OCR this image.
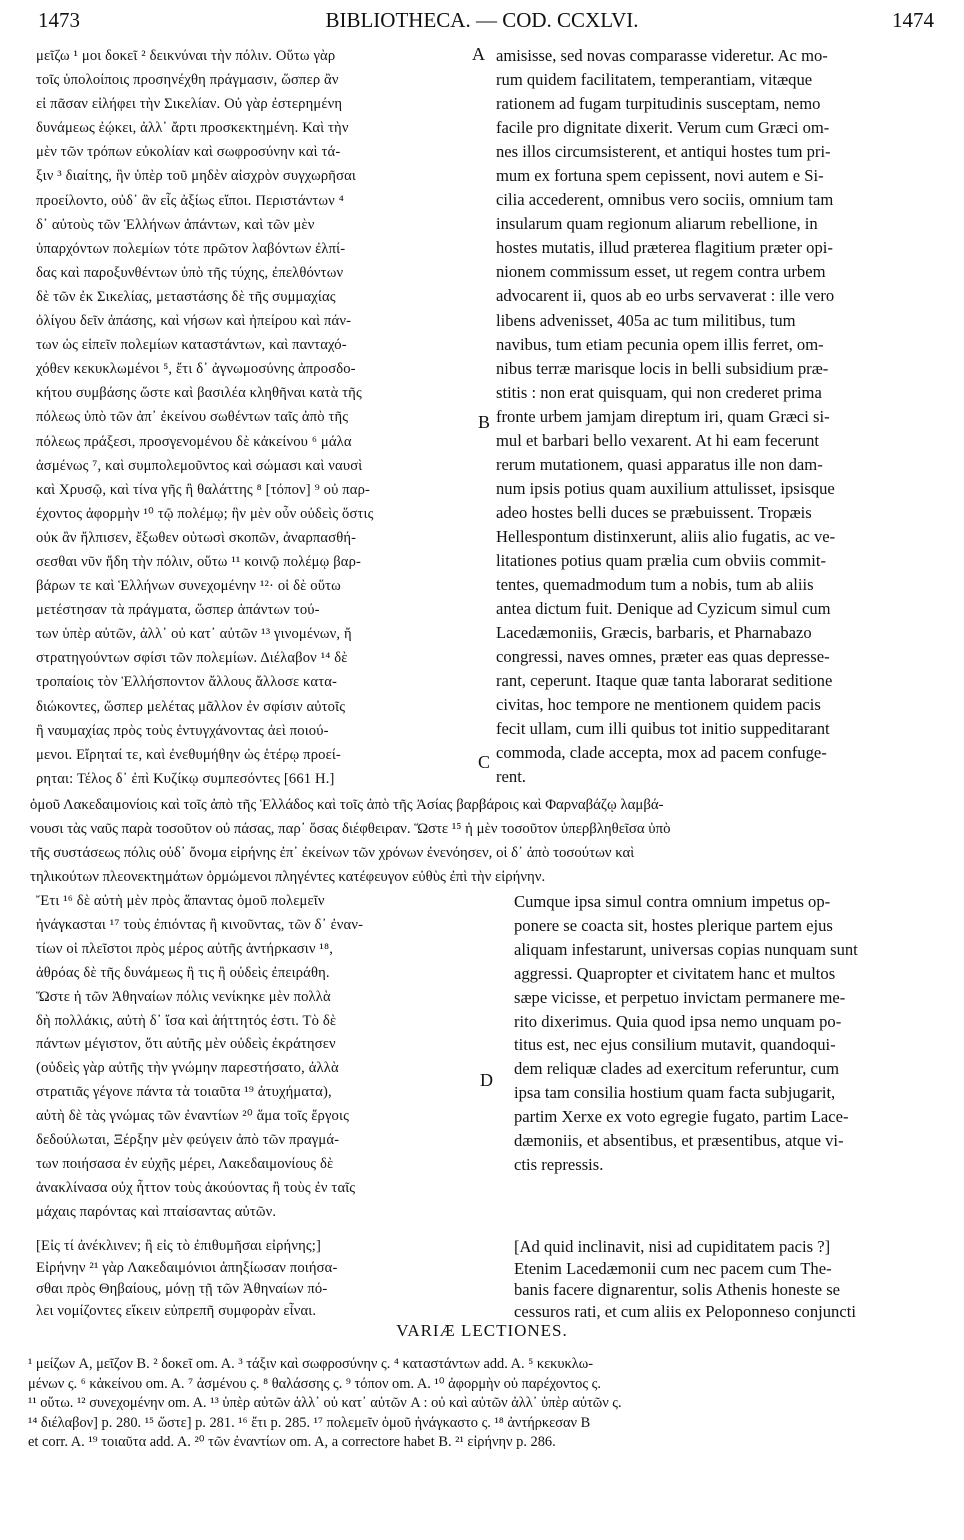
1473	BIBLIOTHECA. — COD. CCXLVI.	1474
μεῖζω ¹ μοι δοκεῖ ² δεικνύναι τὴν πόλιν. Οὕτω γὰρ
τοῖς ὑπολοίποις προσηνέχθη πράγμασιν, ὥσπερ ἂν
εἰ πᾶσαν εἰλήφει τὴν Σικελίαν. Οὐ γὰρ ἐστερημένη
δυνάμεως ἐῴκει, ἀλλ᾽ ἄρτι προσκεκτημένη. Καὶ τὴν
μὲν τῶν τρόπων εὐκολίαν καὶ σωφροσύνην καὶ τά-
ξιν ³ διαίτης, ἣν ὑπὲρ τοῦ μηδὲν αἰσχρὸν συγχωρῆσαι
προείλοντο, οὐδ᾽ ἂν εἷς ἀξίως εἴποι. Περιστάντων ⁴
δ᾽ αὐτοὺς τῶν Ἑλλήνων ἁπάντων, καὶ τῶν μὲν
ὑπαρχόντων πολεμίων τότε πρῶτον λαβόντων ἐλπί-
δας καὶ παροξυνθέντων ὑπὸ τῆς τύχης, ἐπελθόντων
δὲ τῶν ἐκ Σικελίας, μεταστάσης δὲ τῆς συμμαχίας
ὀλίγου δεῖν ἁπάσης, καὶ νήσων καὶ ἠπείρου καὶ πάν-
των ὡς εἰπεῖν πολεμίων καταστάντων, καὶ πανταχό-
χόθεν κεκυκλωμένοι ⁵, ἔτι δ᾽ ἀγνωμοσύνης ἀπροσδο-
κήτου συμβάσης ὥστε καὶ βασιλέα κληθῆναι κατὰ τῆς
πόλεως ὑπὸ τῶν ἀπ᾽ ἐκείνου σωθέντων ταῖς ἀπὸ τῆς
πόλεως πράξεσι, προσγενομένου δὲ κἀκείνου ⁶ μάλα
ἀσμένως ⁷, καὶ συμπολεμοῦντος καὶ σώμασι καὶ ναυσὶ
καὶ Χρυσῷ, καὶ τίνα γῆς ἢ θαλάττης ⁸ [τόπον] ⁹ οὐ παρ-
έχοντος ἀφορμὴν ¹⁰ τῷ πολέμῳ; ἣν μὲν οὖν οὐδεὶς ὅστις
οὐκ ἂν ἤλπισεν, ἔξωθεν οὑτωσὶ σκοπῶν, ἀναρπασθή-
σεσθαι νῦν ἤδη τὴν πόλιν, οὕτω ¹¹ κοινῷ πολέμῳ βαρ-
βάρων τε καὶ Ἑλλήνων συνεχομένην ¹²· οἱ δὲ οὕτω
μετέστησαν τὰ πράγματα, ὥσπερ ἁπάντων τού-
των ὑπὲρ αὐτῶν, ἀλλ᾽ οὐ κατ᾽ αὐτῶν ¹³ γινομένων, ἤ
στρατηγούντων σφίσι τῶν πολεμίων. Διέλαβον ¹⁴ δὲ
τροπαίοις τὸν Ἑλλήσποντον ἄλλους ἄλλοσε κατα-
διώκοντες, ὥσπερ μελέτας μᾶλλον ἐν σφίσιν αὐτοῖς
ἢ ναυμαχίας πρὸς τοὺς ἐντυγχάνοντας ἀεὶ ποιού-
μενοι. Εἴρηταί τε, καὶ ἐνεθυμήθην ὡς ἑτέρῳ προεί-
ρηται: Τέλος δ᾽ ἐπὶ Κυζίκῳ συμπεσόντες [661 H.]
amisisse, sed novas comparasse videretur. Ac mo-
rum quidem facilitatem, temperantiam, vitæque
rationem ad fugam turpitudinis susceptam, nemo
facile pro dignitate dixerit. Verum cum Græci om-
nes illos circumsisterent, et antiqui hostes tum pri-
mum ex fortuna spem cepissent, novi autem e Si-
cilia accederent, omnibus vero sociis, omnium tam
insularum quam regionum aliarum rebellione, in
hostes mutatis, illud præterea flagitium præter opi-
nionem commissum esset, ut regem contra urbem
advocarent ii, quos ab eo urbs servaverat : ille vero
libens advenisset, 405a ac tum militibus, tum
navibus, tum etiam pecunia opem illis ferret, om-
nibus terræ marisque locis in belli subsidium præ-
stitis : non erat quisquam, qui non crederet prima
fronte urbem jamjam direptum iri, quam Græci si-
mul et barbari bello vexarent. At hi eam fecerunt
rerum mutationem, quasi apparatus ille non dam-
num ipsis potius quam auxilium attulisset, ipsisque
adeo hostes belli duces se præbuissent. Tropæis
Hellespontum distinxerunt, aliis alio fugatis, ac ve-
litationes potius quam prælia cum obviis commit-
tentes, quemadmodum tum a nobis, tum ab aliis
antea dictum fuit. Denique ad Cyzicum simul cum
Lacedæmoniis, Græcis, barbaris, et Pharnabazo
congressi, naves omnes, præter eas quas depresse-
rant, ceperunt. Itaque quæ tanta laborarat seditione
civitas, hoc tempore ne mentionem quidem pacis
fecit ullam, cum illi quibus tot initio suppeditarant
commoda, clade accepta, mox ad pacem confuge-
rent.
A
B
C
D
ὁμοῦ Λακεδαιμονίοις καὶ τοῖς ἀπὸ τῆς Ἑλλάδος καὶ τοῖς ἀπὸ τῆς Ἀσίας βαρβάροις καὶ Φαρναβάζῳ λαμβά-
νουσι τὰς ναῦς παρὰ τοσοῦτον οὐ πάσας, παρ᾽ ὅσας διέφθειραν. Ὥστε ¹⁵ ἡ μὲν τοσοῦτον ὑπερβληθεῖσα ὑπὸ
τῆς συστάσεως πόλις οὐδ᾽ ὄνομα εἰρήνης ἐπ᾽ ἐκείνων τῶν χρόνων ἐνενόησεν, οἱ δ᾽ ἀπὸ τοσούτων καὶ
τηλικούτων πλεονεκτημάτων ὁρμώμενοι πληγέντες κατέφευγον εὐθὺς ἐπὶ τὴν εἰρήνην.
Ἔτι ¹⁶ δὲ αὐτὴ μὲν πρὸς ἅπαντας ὁμοῦ πολεμεῖν
ἠνάγκασται ¹⁷ τοὺς ἐπιόντας ἢ κινοῦντας, τῶν δ᾽ ἐναν-
τίων οἱ πλεῖστοι πρὸς μέρος αὐτῆς ἀντήρκασιν ¹⁸,
ἀθρόας δὲ τῆς δυνάμεως ἢ τις ἢ οὐδεὶς ἐπειράθη.
Ὥστε ἡ τῶν Ἀθηναίων πόλις νενίκηκε μὲν πολλὰ
δὴ πολλάκις, αὐτὴ δ᾽ ἴσα καὶ ἀήττητός ἐστι. Τὸ δὲ
πάντων μέγιστον, ὅτι αὐτῆς μὲν οὐδεὶς ἐκράτησεν
(οὐδεὶς γὰρ αὐτῆς τὴν γνώμην παρεστήσατο, ἀλλὰ
στρατιᾶς γέγονε πάντα τὰ τοιαῦτα ¹⁹ ἀτυχήματα),
αὐτὴ δὲ τὰς γνώμας τῶν ἐναντίων ²⁰ ἅμα τοῖς ἔργοις
δεδούλωται, Ξέρξην μὲν φεύγειν ἀπὸ τῶν πραγμά-
των ποιήσασα ἐν εὐχῆς μέρει, Λακεδαιμονίους δὲ
ἀνακλίνασα οὐχ ἧττον τοὺς ἀκούοντας ἢ τοὺς ἐν ταῖς
μάχαις παρόντας καὶ πταίσαντας αὐτῶν.
Cumque ipsa simul contra omnium impetus op-
ponere se coacta sit, hostes plerique partem ejus
aliquam infestarunt, universas copias nunquam sunt
aggressi. Quapropter et civitatem hanc et multos
sæpe vicisse, et perpetuo invictam permanere me-
rito dixerimus. Quia quod ipsa nemo unquam po-
titus est, nec ejus consilium mutavit, quandoqui-
dem reliquæ clades ad exercitum referuntur, cum
ipsa tam consilia hostium quam facta subjugarit,
partim Xerxe ex voto egregie fugato, partim Lace-
dæmoniis, et absentibus, et præsentibus, atque vi-
ctis repressis.
[Εἰς τί ἀνέκλινεν; ἢ εἰς τὸ ἐπιθυμῆσαι εἰρήνης;]
Εἰρήνην ²¹ γὰρ Λακεδαιμόνιοι ἀπηξίωσαν ποιήσα-
σθαι πρὸς Θηβαίους, μόνῃ τῇ τῶν Ἀθηναίων πό-
λει νομίζοντες εἴκειν εὐπρεπῆ συμφορὰν εἶναι.
[Ad quid inclinavit, nisi ad cupiditatem pacis ?]
Etenim Lacedæmonii cum nec pacem cum The-
banis facere dignarentur, solis Athenis honeste se
cessuros rati, et cum aliis ex Peloponneso conjuncti
VARIÆ LECTIONES.
¹ μείζων A, μεῖζον B. ² δοκεῖ om. A. ³ τάξιν καὶ σωφροσύνην ς. ⁴ καταστάντων add. A. ⁵ κεκυκλω-
μένων ς. ⁶ κἀκείνου om. A. ⁷ ἀσμένου ς. ⁸ θαλάσσης ς. ⁹ τόπον om. A. ¹⁰ ἀφορμὴν οὐ παρέχοντος ς.
¹¹ οὕτω. ¹² συνεχομένην om. A. ¹³ ὑπὲρ αὐτῶν ἀλλ᾽ οὐ κατ᾽ αὐτῶν A : οὐ καὶ αὐτῶν ἀλλ᾽ ὑπὲρ αὐτῶν ς.
¹⁴ διέλαβον] p. 280. ¹⁵ ὥστε] p. 281. ¹⁶ ἔτι p. 285. ¹⁷ πολεμεῖν ὁμοῦ ἠνάγκαστο ς. ¹⁸ ἀντήρκεσαν B
et corr. A. ¹⁹ τοιαῦτα add. A. ²⁰ τῶν ἐναντίων om. A, a correctore habet B. ²¹ εἰρήνην p. 286.
